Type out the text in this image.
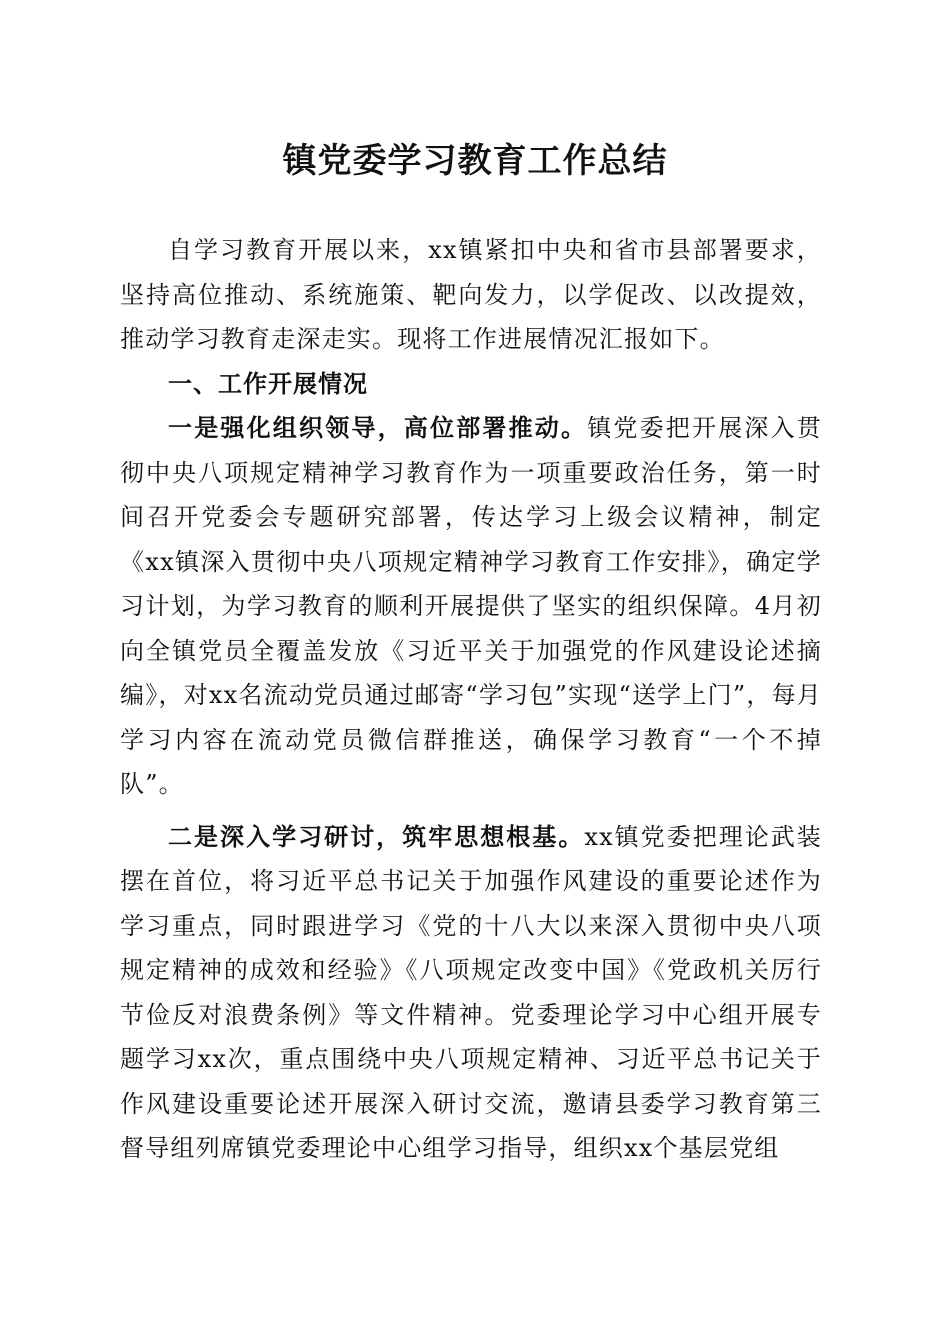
镇党委学习教育工作总结

自学习教育开展以来，xx镇紧扣中央和省市县部署要求，坚持高位推动、系统施策、靶向发力，以学促改、以改提效，推动学习教育走深走实。现将工作进展情况汇报如下。

一、工作开展情况

一是强化组织领导，高位部署推动。镇党委把开展深入贯彻中央八项规定精神学习教育作为一项重要政治任务，第一时间召开党委会专题研究部署，传达学习上级会议精神，制定《xx镇深入贯彻中央八项规定精神学习教育工作安排》，确定学习计划，为学习教育的顺利开展提供了坚实的组织保障。4月初向全镇党员全覆盖发放《习近平关于加强党的作风建设论述摘编》，对xx名流动党员通过邮寄“学习包”实现“送学上门”，每月学习内容在流动党员微信群推送，确保学习教育“一个不掉队”。

二是深入学习研讨，筑牢思想根基。xx镇党委把理论武装摆在首位，将习近平总书记关于加强作风建设的重要论述作为学习重点，同时跟进学习《党的十八大以来深入贯彻中央八项规定精神的成效和经验》《八项规定改变中国》《党政机关厉行节俭反对浪费条例》等文件精神。党委理论学习中心组开展专题学习xx次，重点围绕中央八项规定精神、习近平总书记关于作风建设重要论述开展深入研讨交流，邀请县委学习教育第三督导组列席镇党委理论中心组学习指导，组织xx个基层党组
